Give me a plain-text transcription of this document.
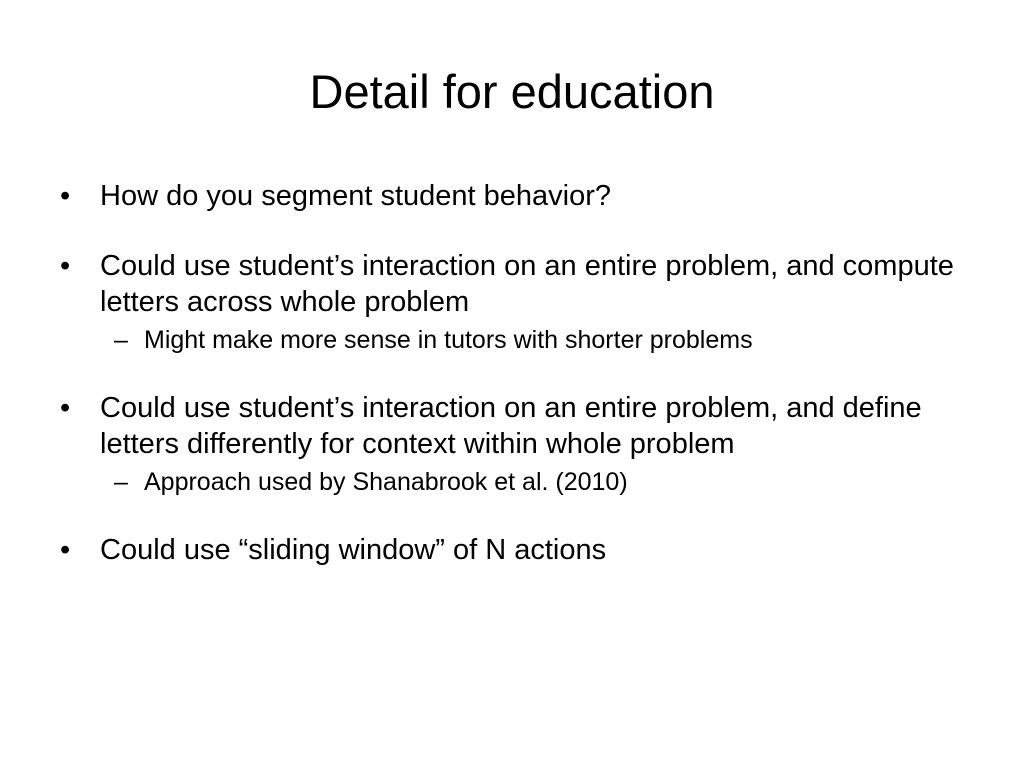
Detail for education
• How do you segment student behavior?
• Could use student’s interaction on an entire problem, and compute letters across whole problem
– Might make more sense in tutors with shorter problems
• Could use student’s interaction on an entire problem, and define letters differently for context within whole problem
– Approach used by Shanabrook et al. (2010)
• Could use “sliding window” of N actions
